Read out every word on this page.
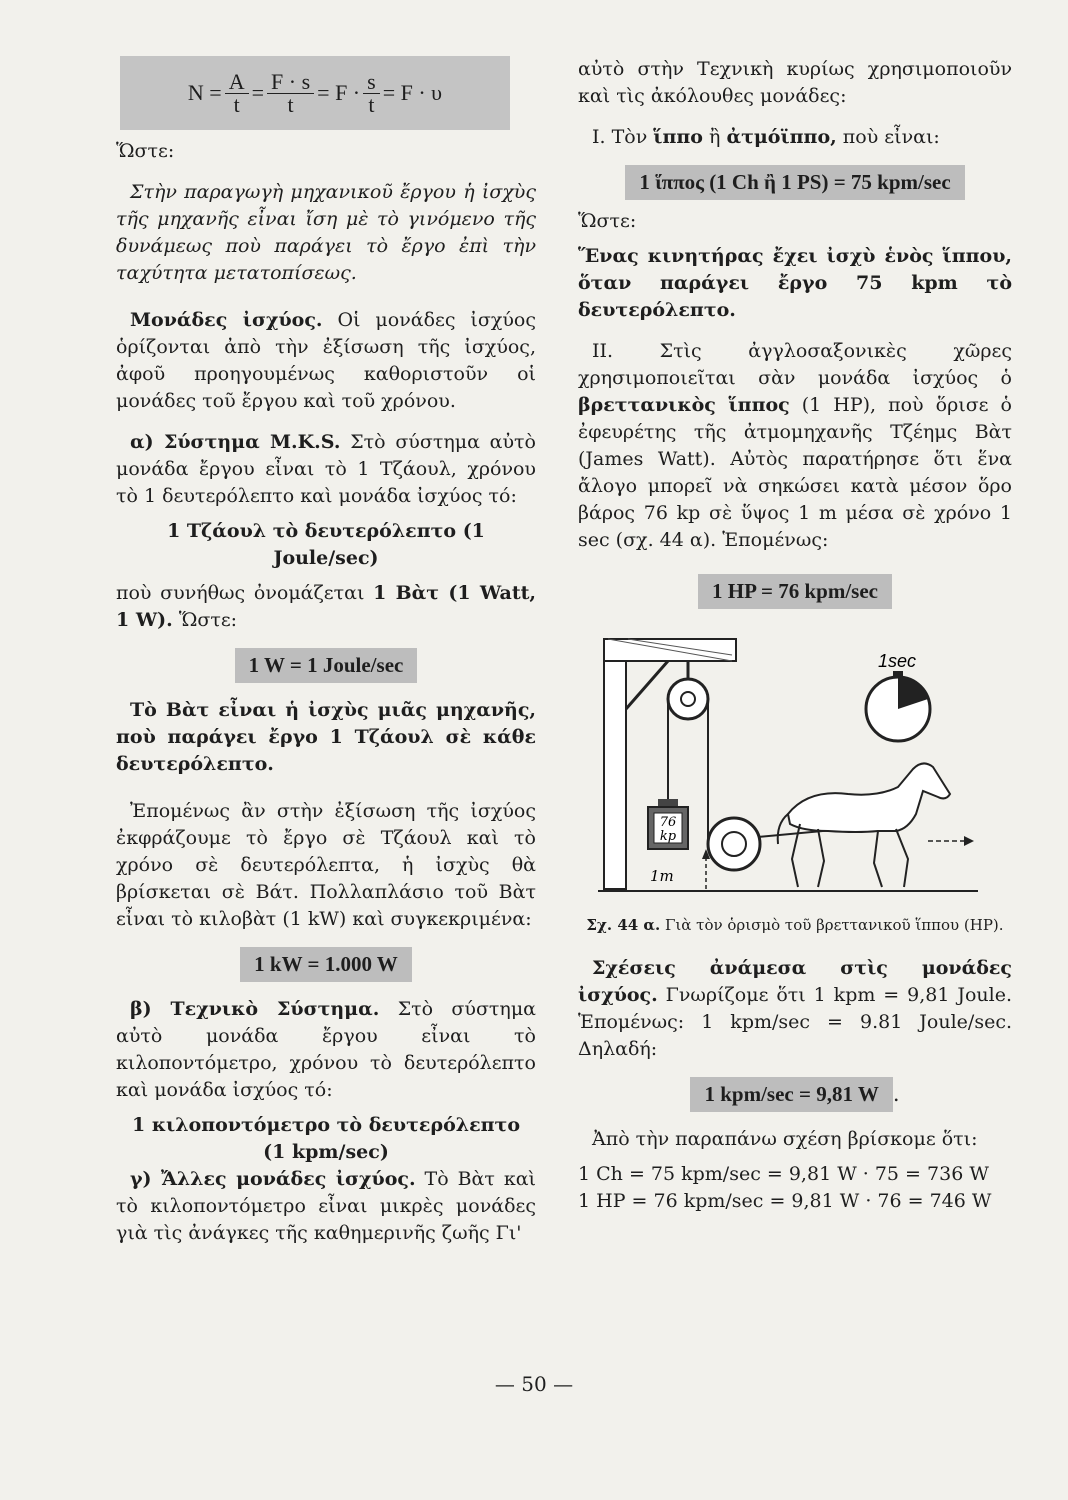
$N = \frac{A}{t} = \frac{F \cdot s}{t} = F \cdot \frac{s}{t} = F \cdot \upsilon$

Ὥστε:

Στὴν παραγωγὴ μηχανικοῦ ἔργου ἡ ἰσχὺς τῆς μηχανῆς εἶναι ἴση μὲ τὸ γινόμενο τῆς δυνάμεως ποὺ παράγει τὸ ἔργο ἐπὶ τὴν ταχύτητα μετατοπίσεως.

Μονάδες ἰσχύος. Οἱ μονάδες ἰσχύος ὁρίζονται ἀπὸ τὴν ἐξίσωση τῆς ἰσχύος, ἀφοῦ προηγουμένως καθοριστοῦν οἱ μονάδες τοῦ ἔργου καὶ τοῦ χρόνου.

α) Σύστημα M.K.S. Στὸ σύστημα αὐτὸ μονάδα ἔργου εἶναι τὸ 1 Τζάουλ, χρόνου τὸ 1 δευτερόλεπτο καὶ μονάδα ἰσχύος τό:

1 Τζάουλ τὸ δευτερόλεπτο (1 Joule/sec)

ποὺ συνήθως ὀνομάζεται 1 Βὰτ (1 Watt, 1 W). Ὥστε:

1 W = 1 Joule/sec

Τὸ Βὰτ εἶναι ἡ ἰσχὺς μιᾶς μηχανῆς, ποὺ παράγει ἔργο 1 Τζάουλ σὲ κάθε δευτερόλεπτο.

Ἐπομένως ἂν στὴν ἐξίσωση τῆς ἰσχύος ἐκφράζουμε τὸ ἔργο σὲ Τζάουλ καὶ τὸ χρόνο σὲ δευτερόλεπτα, ἡ ἰσχὺς θὰ βρίσκεται σὲ Βάτ. Πολλαπλάσιο τοῦ Βὰτ εἶναι τὸ κιλοβὰτ (1 kW) καὶ συγκεκριμένα:

1 kW = 1.000 W

β) Τεχνικὸ Σύστημα. Στὸ σύστημα αὐτὸ μονάδα ἔργου εἶναι τὸ κιλοποντόμετρο, χρόνου τὸ δευτερόλεπτο καὶ μονάδα ἰσχύος τό:

1 κιλοποντόμετρο τὸ δευτερόλεπτο

(1 kpm/sec)

γ) Ἄλλες μονάδες ἰσχύος. Τὸ Βὰτ καὶ τὸ κιλοποντόμετρο εἶναι μικρὲς μονάδες γιὰ τὶς ἀνάγκες τῆς καθημερινῆς ζωῆς Γι'

αὐτὸ στὴν Τεχνικὴ κυρίως χρησιμοποιοῦν καὶ τὶς ἀκόλουθες μονάδες:

Ι. Τὸν ἵππο ἢ ἀτμόϊππο, ποὺ εἶναι:

1 ἵππος (1 Ch ἢ 1 PS) = 75 kpm/sec

Ὥστε:

Ἕνας κινητήρας ἔχει ἰσχὺ ἑνὸς ἵππου, ὅταν παράγει ἔργο 75 kpm τὸ δευτερόλεπτο.

ΙΙ. Στὶς ἀγγλοσαξονικὲς χῶρες χρησιμοποιεῖται σὰν μονάδα ἰσχύος ὁ βρεττανικὸς ἵππος (1 HP), ποὺ ὅρισε ὁ ἐφευρέτης τῆς ἀτμομηχανῆς Τζέημς Βὰτ (James Watt). Αὐτὸς παρατήρησε ὅτι ἕνα ἄλογο μπορεῖ νὰ σηκώσει κατὰ μέσον ὅρο βάρος 76 kp σὲ ὕψος 1 m μέσα σὲ χρόνο 1 sec (σχ. 44 α). Ἑπομένως:

1 HP = 76 kpm/sec
76
kp
1m
1sec

Σχ. 44 α. Γιὰ τὸν ὁρισμὸ τοῦ βρεττανικοῦ ἵππου (HP).

Σχέσεις ἀνάμεσα στὶς μονάδες ἰσχύος. Γνωρίζομε ὅτι 1 kpm = 9,81 Joule. Ἑπομένως: 1 kpm/sec = 9.81 Joule/sec. Δηλαδή:

1 kpm/sec = 9,81 W .

Ἀπὸ τὴν παραπάνω σχέση βρίσκομε ὅτι:

1 Ch = 75 kpm/sec = 9,81 W · 75 = 736 W

1 HP = 76 kpm/sec = 9,81 W · 76 = 746 W

— 50 —
